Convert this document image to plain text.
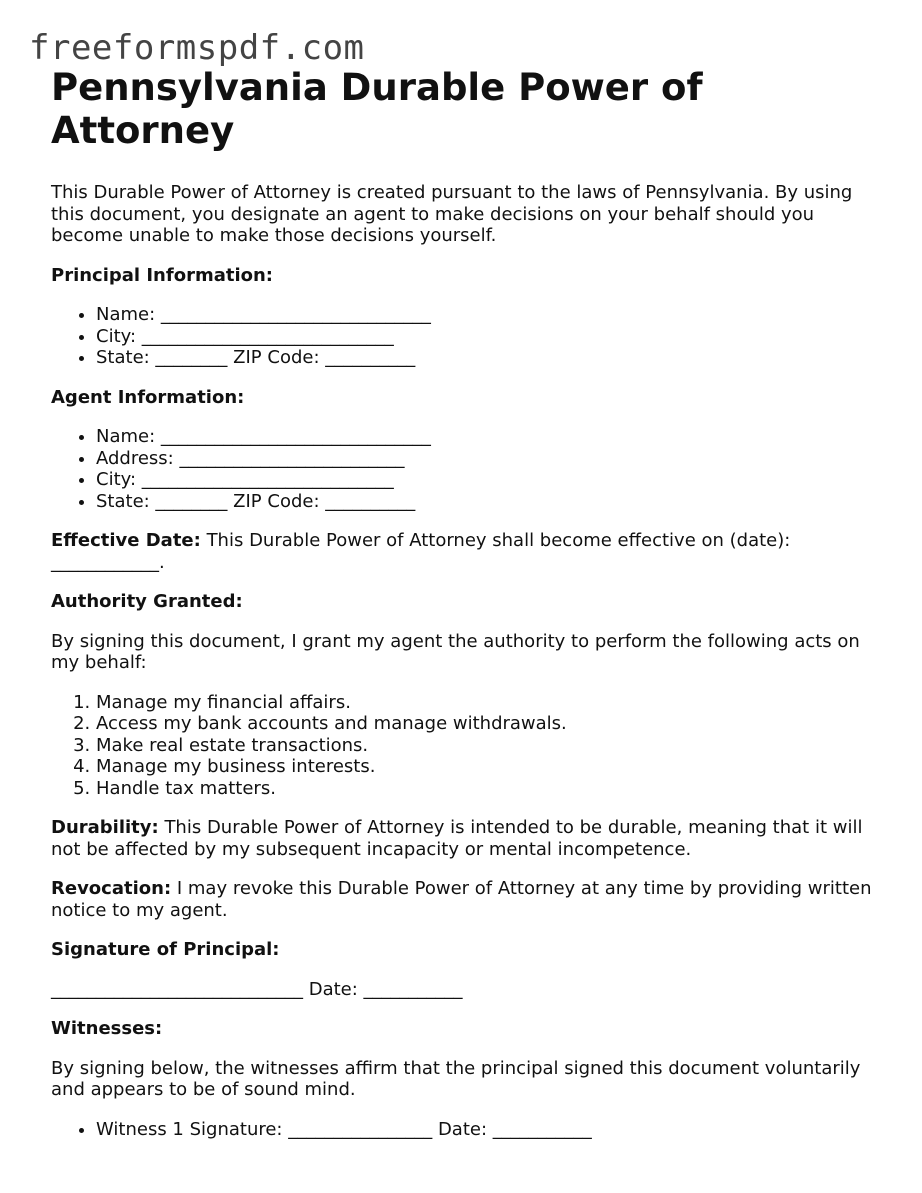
freeformspdf.com
Pennsylvania Durable Power of Attorney

This Durable Power of Attorney is created pursuant to the laws of Pennsylvania. By using this document, you designate an agent to make decisions on your behalf should you become unable to make those decisions yourself.

Principal Information:

• Name: ______________________________
• City: ____________________________
• State: ________ ZIP Code: __________

Agent Information:

• Name: ______________________________
• Address: _________________________
• City: ____________________________
• State: ________ ZIP Code: __________

Effective Date: This Durable Power of Attorney shall become effective on (date): ____________.

Authority Granted:

By signing this document, I grant my agent the authority to perform the following acts on my behalf:

1. Manage my financial affairs.
2. Access my bank accounts and manage withdrawals.
3. Make real estate transactions.
4. Manage my business interests.
5. Handle tax matters.

Durability: This Durable Power of Attorney is intended to be durable, meaning that it will not be affected by my subsequent incapacity or mental incompetence.

Revocation: I may revoke this Durable Power of Attorney at any time by providing written notice to my agent.

Signature of Principal:

____________________________ Date: ___________

Witnesses:

By signing below, the witnesses affirm that the principal signed this document voluntarily and appears to be of sound mind.

• Witness 1 Signature: ________________ Date: ___________
